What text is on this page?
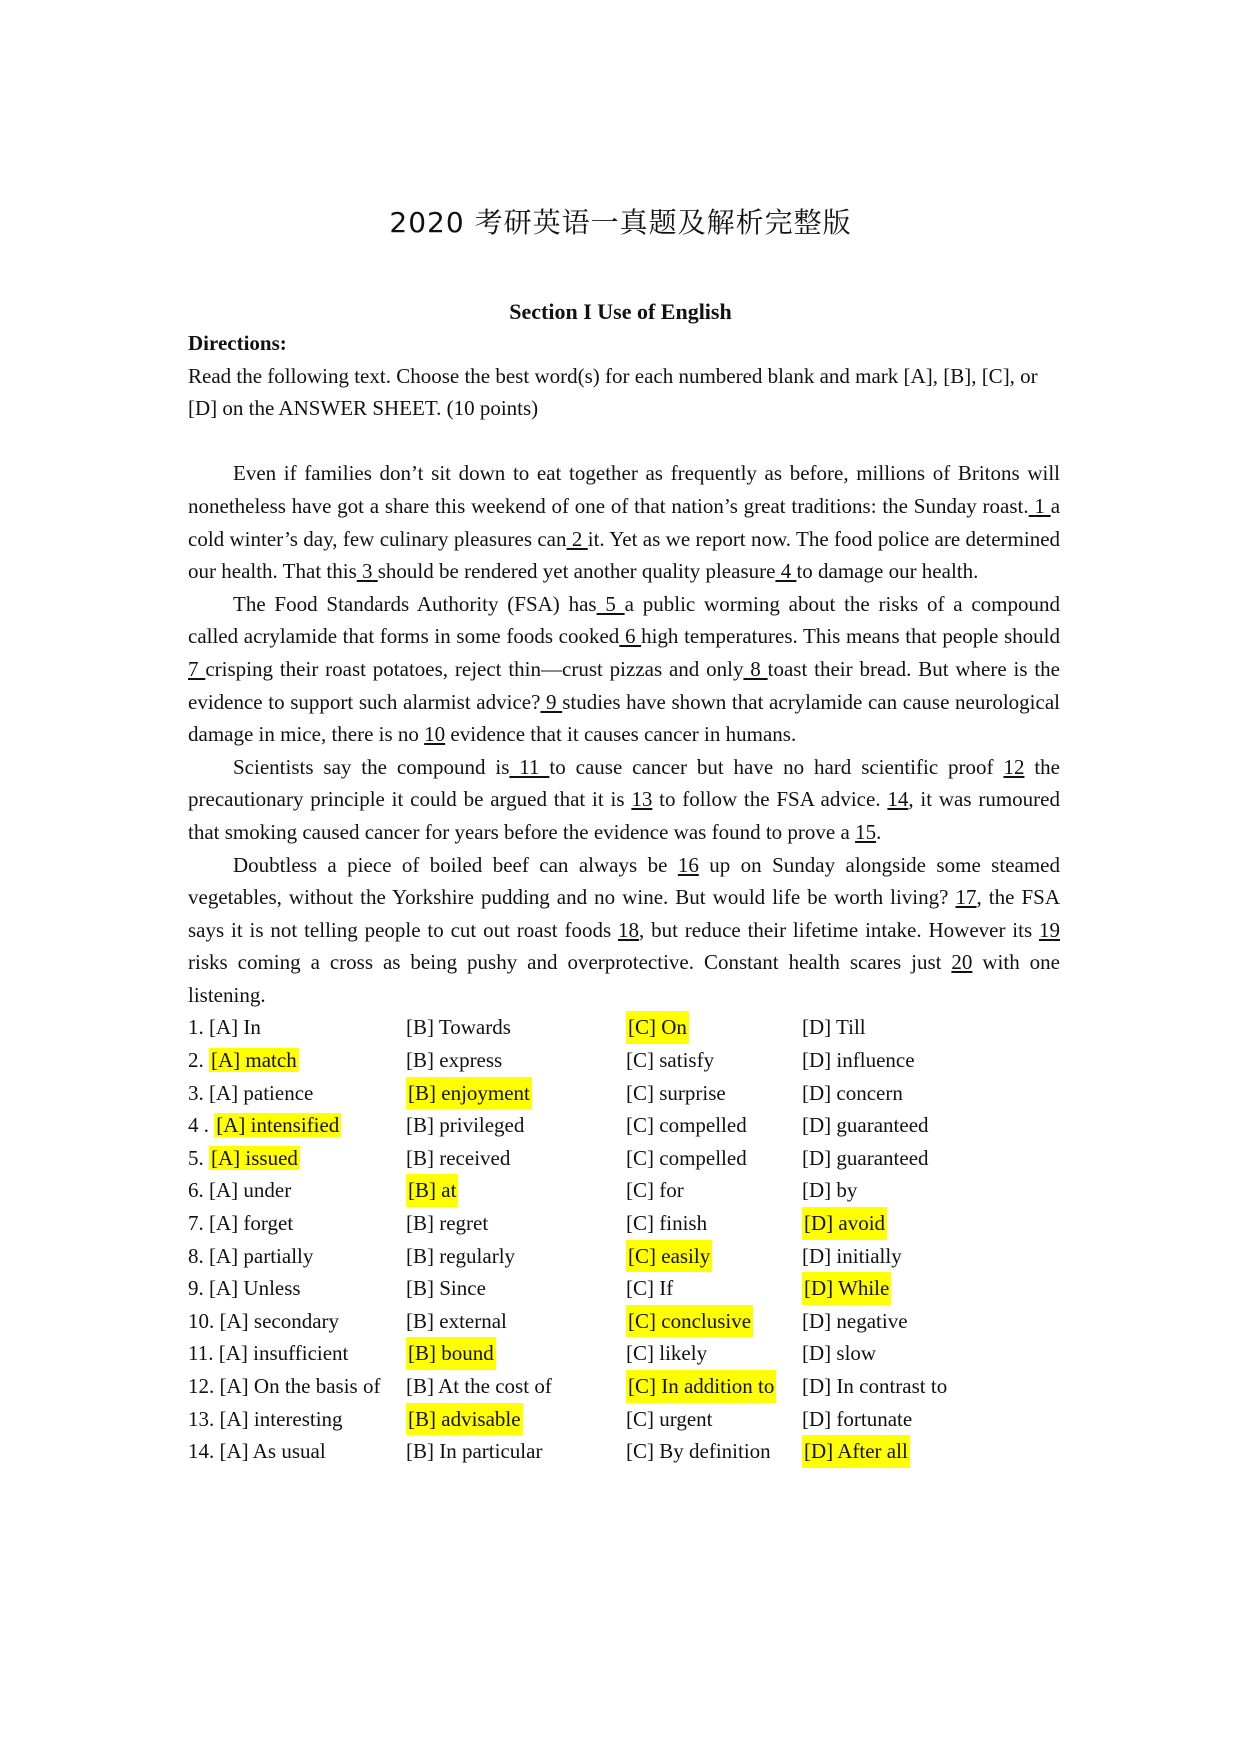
2020 考研英语一真题及解析完整版
Section I Use of English
Directions:

Read the following text. Choose the best word(s) for each numbered blank and mark [A], [B], [C], or [D] on the ANSWER SHEET. (10 points)

Even if families don’t sit down to eat together as frequently as before, millions of Britons will nonetheless have got a share this weekend of one of that nation’s great traditions: the Sunday roast. 1 a cold winter’s day, few culinary pleasures can 2 it. Yet as we report now. The food police are determined our health. That this 3 should be rendered yet another quality pleasure 4 to damage our health.

The Food Standards Authority (FSA) has 5 a public worming about the risks of a compound called acrylamide that forms in some foods cooked 6 high temperatures. This means that people should 7 crisping their roast potatoes, reject thin—crust pizzas and only 8 toast their bread. But where is the evidence to support such alarmist advice? 9 studies have shown that acrylamide can cause neurological damage in mice, there is no 10 evidence that it causes cancer in humans.

Scientists say the compound is 11 to cause cancer but have no hard scientific proof 12 the precautionary principle it could be argued that it is 13 to follow the FSA advice. 14, it was rumoured that smoking caused cancer for years before the evidence was found to prove a 15.

Doubtless a piece of boiled beef can always be 16 up on Sunday alongside some steamed vegetables, without the Yorkshire pudding and no wine. But would life be worth living? 17, the FSA says it is not telling people to cut out roast foods 18, but reduce their lifetime intake. However its 19 risks coming a cross as being pushy and overprotective. Constant health scares just 20 with one listening.

1. [A] In	[B] Towards	[C] On	[D] Till
2. [A] match	[B] express	[C] satisfy	[D] influence
3. [A] patience	[B] enjoyment	[C] surprise	[D] concern
4 . [A] intensified	[B] privileged	[C] compelled	[D] guaranteed
5. [A] issued	[B] received	[C] compelled	[D] guaranteed
6. [A] under	[B] at	[C] for	[D] by
7. [A] forget	[B] regret	[C] finish	[D] avoid
8. [A] partially	[B] regularly	[C] easily	[D] initially
9. [A] Unless	[B] Since	[C] If	[D] While
10. [A] secondary	[B] external	[C] conclusive [D] negative
11. [A] insufficient	[B] bound	[C] likely	[D] slow
12. [A] On the basis of [B] At the cost of	[C] In addition to [D] In contrast to
13. [A] interesting	[B] advisable	[C] urgent	[D] fortunate
14. [A] As usual	[B] In particular	[C] By definition [D] After all
